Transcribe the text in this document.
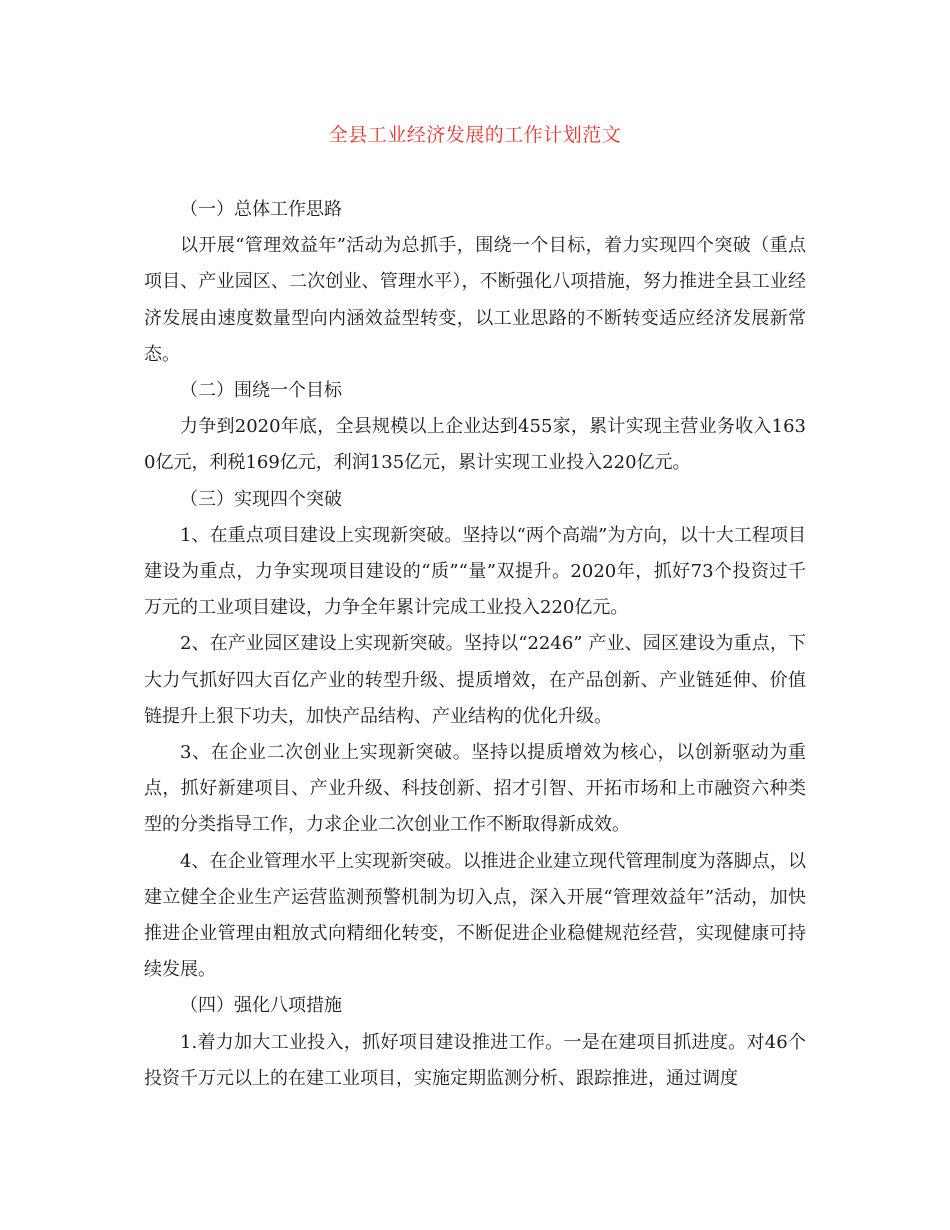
全县工业经济发展的工作计划范文

（一）总体工作思路

以开展“管理效益年”活动为总抓手，围绕一个目标，着力实现四个突破（重点项目、产业园区、二次创业、管理水平），不断强化八项措施，努力推进全县工业经济发展由速度数量型向内涵效益型转变，以工业思路的不断转变适应经济发展新常态。

（二）围绕一个目标

力争到2020年底，全县规模以上企业达到455家，累计实现主营业务收入1630亿元，利税169亿元，利润135亿元，累计实现工业投入220亿元。

（三）实现四个突破

1、在重点项目建设上实现新突破。坚持以“两个高端”为方向，以十大工程项目建设为重点，力争实现项目建设的“质”“量”双提升。2020年，抓好73个投资过千万元的工业项目建设，力争全年累计完成工业投入220亿元。

2、在产业园区建设上实现新突破。坚持以“2246” 产业、园区建设为重点，下大力气抓好四大百亿产业的转型升级、提质增效，在产品创新、产业链延伸、价值链提升上狠下功夫，加快产品结构、产业结构的优化升级。

3、在企业二次创业上实现新突破。坚持以提质增效为核心，以创新驱动为重点，抓好新建项目、产业升级、科技创新、招才引智、开拓市场和上市融资六种类型的分类指导工作，力求企业二次创业工作不断取得新成效。

4、在企业管理水平上实现新突破。以推进企业建立现代管理制度为落脚点，以建立健全企业生产运营监测预警机制为切入点，深入开展“管理效益年”活动，加快推进企业管理由粗放式向精细化转变，不断促进企业稳健规范经营，实现健康可持续发展。

（四）强化八项措施

1.着力加大工业投入，抓好项目建设推进工作。一是在建项目抓进度。对46个投资千万元以上的在建工业项目，实施定期监测分析、跟踪推进，通过调度
